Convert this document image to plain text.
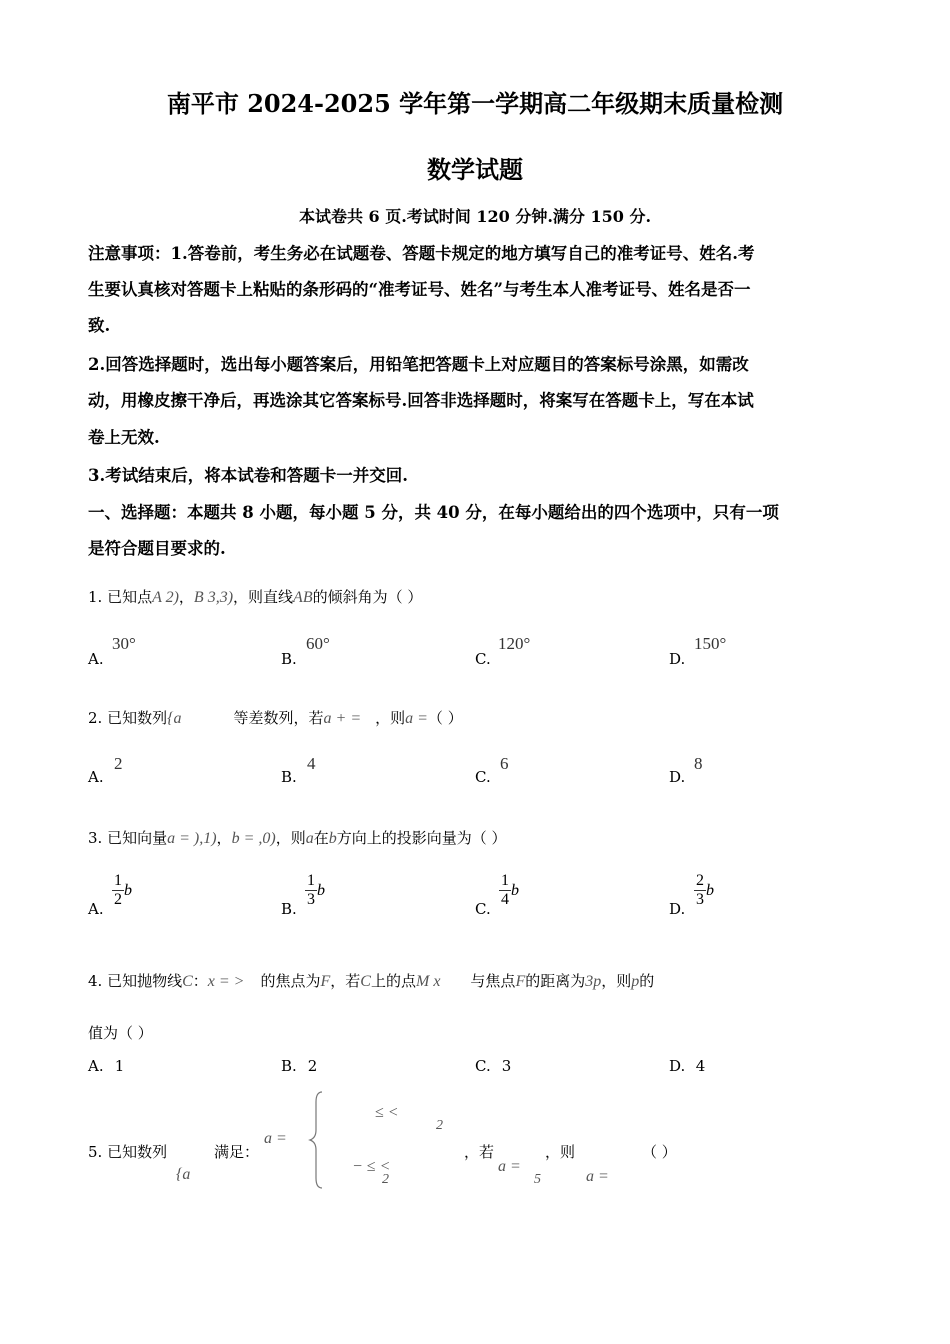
南平市 2024-2025 学年第一学期高二年级期末质量检测
数学试题
本试卷共 6 页.考试时间 120 分钟.满分 150 分.
注意事项：1.答卷前，考生务必在试题卷、答题卡规定的地方填写自己的准考证号、姓名.考
生要认真核对答题卡上粘贴的条形码的“准考证号、姓名”与考生本人准考证号、姓名是否一
致.
2.回答选择题时，选出每小题答案后，用铅笔把答题卡上对应题目的答案标号涂黑，如需改
动，用橡皮擦干净后，再选涂其它答案标号.回答非选择题时，将案写在答题卡上，写在本试
卷上无效.
3.考试结束后，将本试卷和答题卡一并交回.
一、选择题：本题共 8 小题，每小题 5 分，共 40 分，在每小题给出的四个选项中，只有一项
是符合题目要求的.
1. 已知点A 2)，B 3,3)，则直线AB的倾斜角为（ ）
A.
30°
B.
60°
C.
120°
D.
150°
2. 已知数列{a	等差数列，若a + = ，则a =（ ）
A.
2
B.
4
C.
6
D.
8
3. 已知向量a = ),1)，b = ,0)，则a在b方向上的投影向量为（ ）
A. $\frac{1}{2}$ b
B. $\frac{1}{3}$ b
C. $\frac{1}{4}$ b
D. $\frac{2}{3}$ b
4. 已知抛物线C：x = > 的焦点为F，若C上的点M x 与焦点F的距离为3p，则p的
值为（ ）
A. 1	B. 2	C. 3	D. 4
5. 已知数列
{a
满足：
a =
≤ <
2
− ≤ <
2
，若
a =
5
，则
a =
（ ）
